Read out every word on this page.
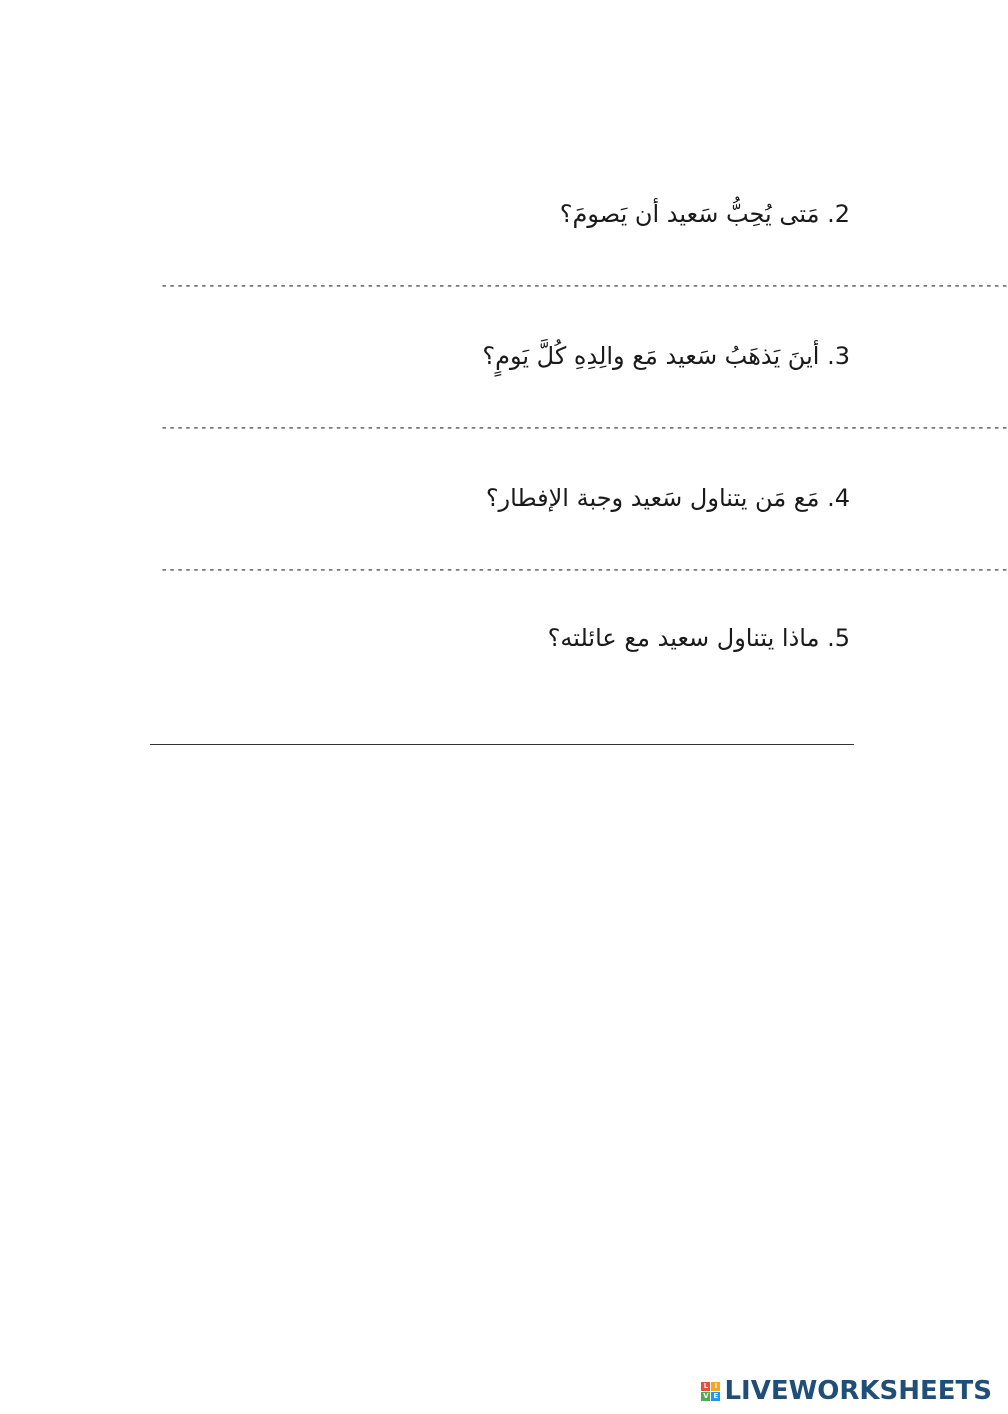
2. مَتى يُحِبُّ سَعيد أن يَصومَ؟
-----------------------------------------------------------------------------------------------------------
3. أينَ يَذهَبُ سَعيد مَع والِدِهِ كُلَّ يَومٍ؟
-----------------------------------------------------------------------------------------------------------
4. مَع مَن يتناول سَعيد وجبة الإفطار؟
-----------------------------------------------------------------------------------------------------------
5. ماذا يتناول سعيد مع عائلته؟
L I
V E LIVEWORKSHEETS
